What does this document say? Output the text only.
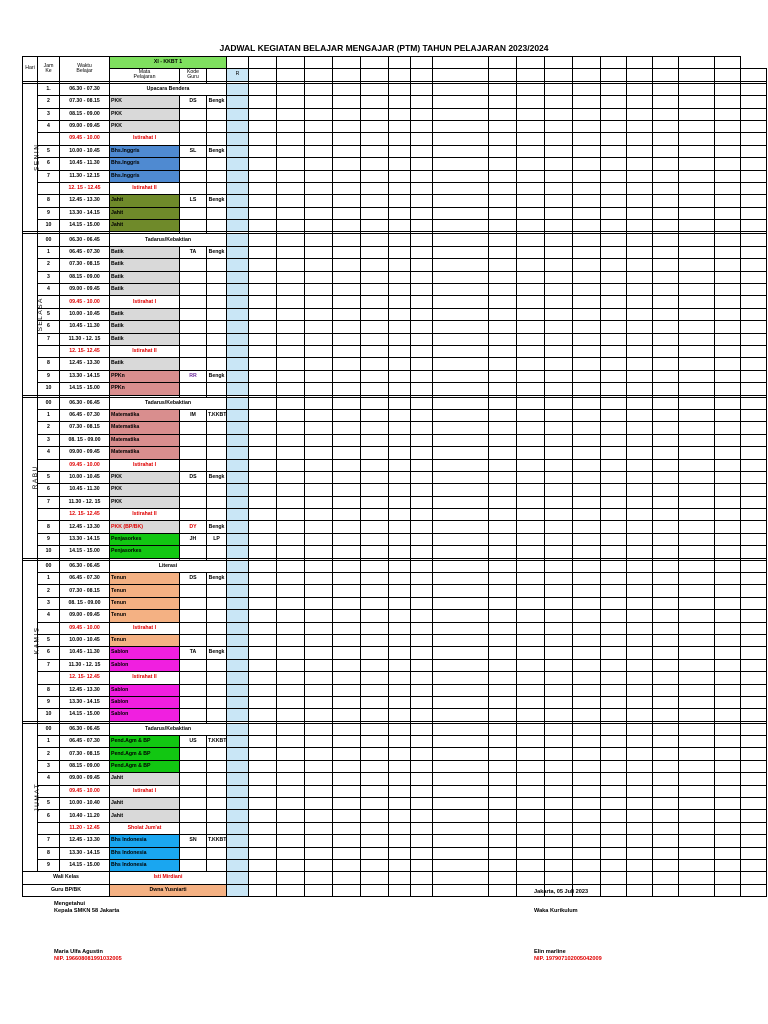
JADWAL KEGIATAN BELAJAR MENGAJAR (PTM) TAHUN PELAJARAN 2023/2024
Hari	Jam
Ke	Waktu
Belajar	XI - KKBT 1																					
			Mata
Pelajaran	Kode
Guru		R																		

SENIN	1.	06.30 - 07.30	Upacara Bendera																					
	2	07.30 - 08.15	PKK	DS	Bengk																			
	3	08.15 - 09.00	PKK																					
	4	09.00 - 09.45	PKK																					
		09.45 - 10.00	Istirahat I																					
	5	10.00 - 10.45	Bhs.Inggris	SL	Bengk																			
	6	10.45 - 11.30	Bhs.Inggris																					
	7	11.30 - 12.15	Bhs.Inggris																					
		12. 15 - 12.45	Istirahat II																					
	8	12.45 - 13.30	Jahit	LS	Bengk																			
	9	13.30 - 14.15	Jahit																					
	10	14.15 - 15.00	Jahit																					

SELASA	00	06.30 - 06.45	Tadarus/Kebaktian																					
	1	06.45 - 07.30	Batik	TA	Bengk																			
	2	07.30 - 08.15	Batik																					
	3	08.15 - 09.00	Batik																					
	4	09.00 - 09.45	Batik																					
		09.45 - 10.00	Istirahat I																					
	5	10.00 - 10.45	Batik																					
	6	10.45 - 11.30	Batik																					
	7	11.30 - 12. 15	Batik																					
		12. 15- 12.45	Istirahat II																					
	8	12.45 - 13.30	Batik																					
	9	13.30 - 14.15	PPKn	RR	Bengk																			
	10	14.15 - 15.00	PPKn																					

RABU	00	06.30 - 06.45	Tadarus/Kebaktian																					
	1	06.45 - 07.30	Matematika	IM	T.KKBT																			
	2	07.30 - 08.15	Matematika																					
	3	08. 15 - 09.00	Matematika																					
	4	09.00 - 09.45	Matematika																					
		09.45 - 10.00	Istirahat I																					
	5	10.00 - 10.45	PKK	DS	Bengk																			
	6	10.45 - 11.30	PKK																					
	7	11.30 - 12. 15	PKK																					
		12. 15- 12.45	Istirahat II																					
	8	12.45 - 13.30	PKK (BP/BK)	DY	Bengk																			
	9	13.30 - 14.15	Penjasorkes	JH	LP																			
	10	14.15 - 15.00	Penjasorkes																					

KAMIS	00	06.30 - 06.45	Literasi																					
	1	06.45 - 07.30	Tenun	DS	Bengk																			
	2	07.30 - 08.15	Tenun																					
	3	08. 15 - 09.00	Tenun																					
	4	09.00 - 09.45	Tenun																					
		09.45 - 10.00	Istirahat I																					
	5	10.00 - 10.45	Tenun																					
	6	10.45 - 11.30	Sablon	TA	Bengk																			
	7	11.30 - 12. 15	Sablon																					
		12. 15- 12.45	Istirahat II																					
	8	12.45 - 13.30	Sablon																					
	9	13.30 - 14.15	Sablon																					
	10	14.15 - 15.00	Sablon																					

JUMAT	00	06.30 - 06.45	Tadarus/Kebaktian																					
	1	06.45 - 07.30	Pend.Agm & BP	US	T.KKBT																			
	2	07.30 - 08.15	Pend.Agm & BP																					
	3	08.15 - 09.00	Pend.Agm & BP																					
	4	09.00 - 09.45	Jahit																					
		09.45 - 10.00	Istirahat I																					
	5	10.00 - 10.40	Jahit																					
	6	10.40 - 11.20	Jahit																					
		11.20 - 12.45	Sholat Jum'at																					
	7	12.45 - 13.30	Bhs Indonesia	SN	T.KKBT																			
	8	13.30 - 14.15	Bhs Indonesia																					
	9	14.15 - 15.00	Bhs Indonesia																					
Wali Kelas			Isti Mirdiani																					
Guru BP/BK			Dwna Yusniarti																						Jakarta, 05 Juli 2023
Mengetahui
Kepala SMKN 58 Jakarta	Waka Kurikulum
Maria Ulfa Agustin
NIP. 196608081991032005
Elin marline
NIP. 197907102005042009
